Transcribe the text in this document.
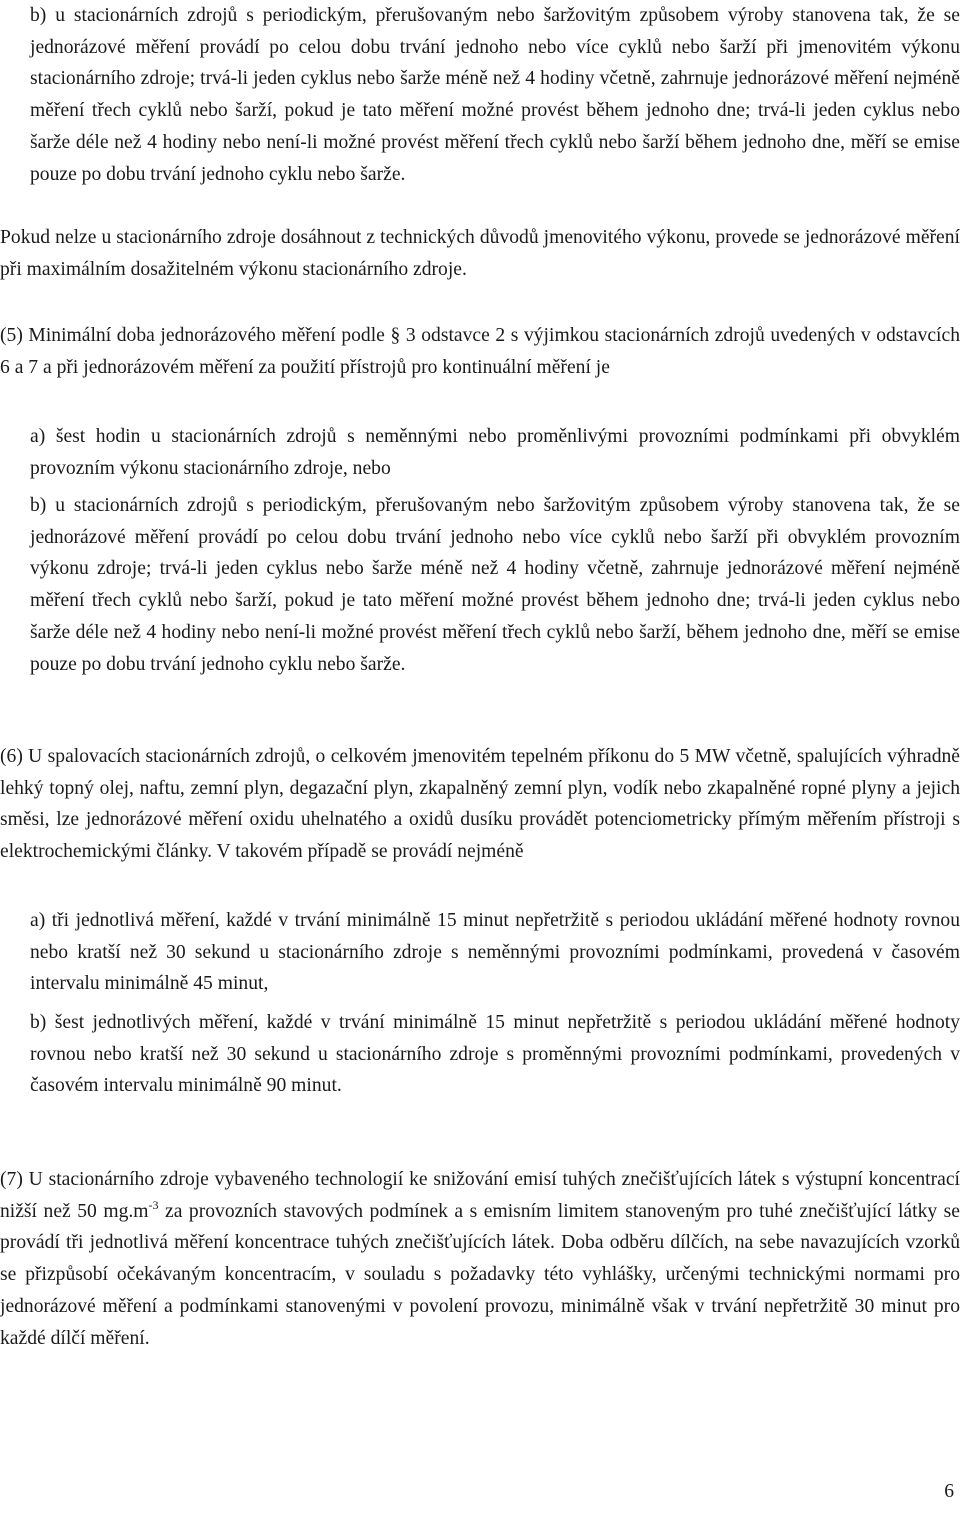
b) u stacionárních zdrojů s periodickým, přerušovaným nebo šaržovitým způsobem výroby stanovena tak, že se jednorázové měření provádí po celou dobu trvání jednoho nebo více cyklů nebo šarží při jmenovitém výkonu stacionárního zdroje; trvá-li jeden cyklus nebo šarže méně než 4 hodiny včetně, zahrnuje jednorázové měření nejméně měření třech cyklů nebo šarží, pokud je tato měření možné provést během jednoho dne; trvá-li jeden cyklus nebo šarže déle než 4 hodiny nebo není-li možné provést měření třech cyklů nebo šarží během jednoho dne, měří se emise pouze po dobu trvání jednoho cyklu nebo šarže.

Pokud nelze u stacionárního zdroje dosáhnout z technických důvodů jmenovitého výkonu, provede se jednorázové měření při maximálním dosažitelném výkonu stacionárního zdroje.

(5) Minimální doba jednorázového měření podle § 3 odstavce 2 s výjimkou stacionárních zdrojů uvedených v odstavcích 6 a 7 a při jednorázovém měření za použití přístrojů pro kontinuální měření je

a) šest hodin u stacionárních zdrojů s neměnnými nebo proměnlivými provozními podmínkami při obvyklém provozním výkonu stacionárního zdroje, nebo

b) u stacionárních zdrojů s periodickým, přerušovaným nebo šaržovitým způsobem výroby stanovena tak, že se jednorázové měření provádí po celou dobu trvání jednoho nebo více cyklů nebo šarží při obvyklém provozním výkonu zdroje; trvá-li jeden cyklus nebo šarže méně než 4 hodiny včetně, zahrnuje jednorázové měření nejméně měření třech cyklů nebo šarží, pokud je tato měření možné provést během jednoho dne; trvá-li jeden cyklus nebo šarže déle než 4 hodiny nebo není-li možné provést měření třech cyklů nebo šarží, během jednoho dne, měří se emise pouze po dobu trvání jednoho cyklu nebo šarže.

(6) U spalovacích stacionárních zdrojů, o celkovém jmenovitém tepelném příkonu do 5 MW včetně, spalujících výhradně lehký topný olej, naftu, zemní plyn, degazační plyn, zkapalněný zemní plyn, vodík nebo zkapalněné ropné plyny a jejich směsi, lze jednorázové měření oxidu uhelnatého a oxidů dusíku provádět potenciometricky přímým měřením přístroji s elektrochemickými články. V takovém případě se provádí nejméně

a) tři jednotlivá měření, každé v trvání minimálně 15 minut nepřetržitě s periodou ukládání měřené hodnoty rovnou nebo kratší než 30 sekund u stacionárního zdroje s neměnnými provozními podmínkami, provedená v časovém intervalu minimálně 45 minut,

b) šest jednotlivých měření, každé v trvání minimálně 15 minut nepřetržitě s periodou ukládání měřené hodnoty rovnou nebo kratší než 30 sekund u stacionárního zdroje s proměnnými provozními podmínkami, provedených v časovém intervalu minimálně 90 minut.

(7) U stacionárního zdroje vybaveného technologií ke snižování emisí tuhých znečišťujících látek s výstupní koncentrací nižší než 50 $mg.m^{-3}$ za provozních stavových podmínek a s emisním limitem stanoveným pro tuhé znečišťující látky se provádí tři jednotlivá měření koncentrace tuhých znečišťujících látek. Doba odběru dílčích, na sebe navazujících vzorků se přizpůsobí očekávaným koncentracím, v souladu s požadavky této vyhlášky, určenými technickými normami pro jednorázové měření a podmínkami stanovenými v povolení provozu, minimálně však v trvání nepřetržitě 30 minut pro každé dílčí měření.

6
